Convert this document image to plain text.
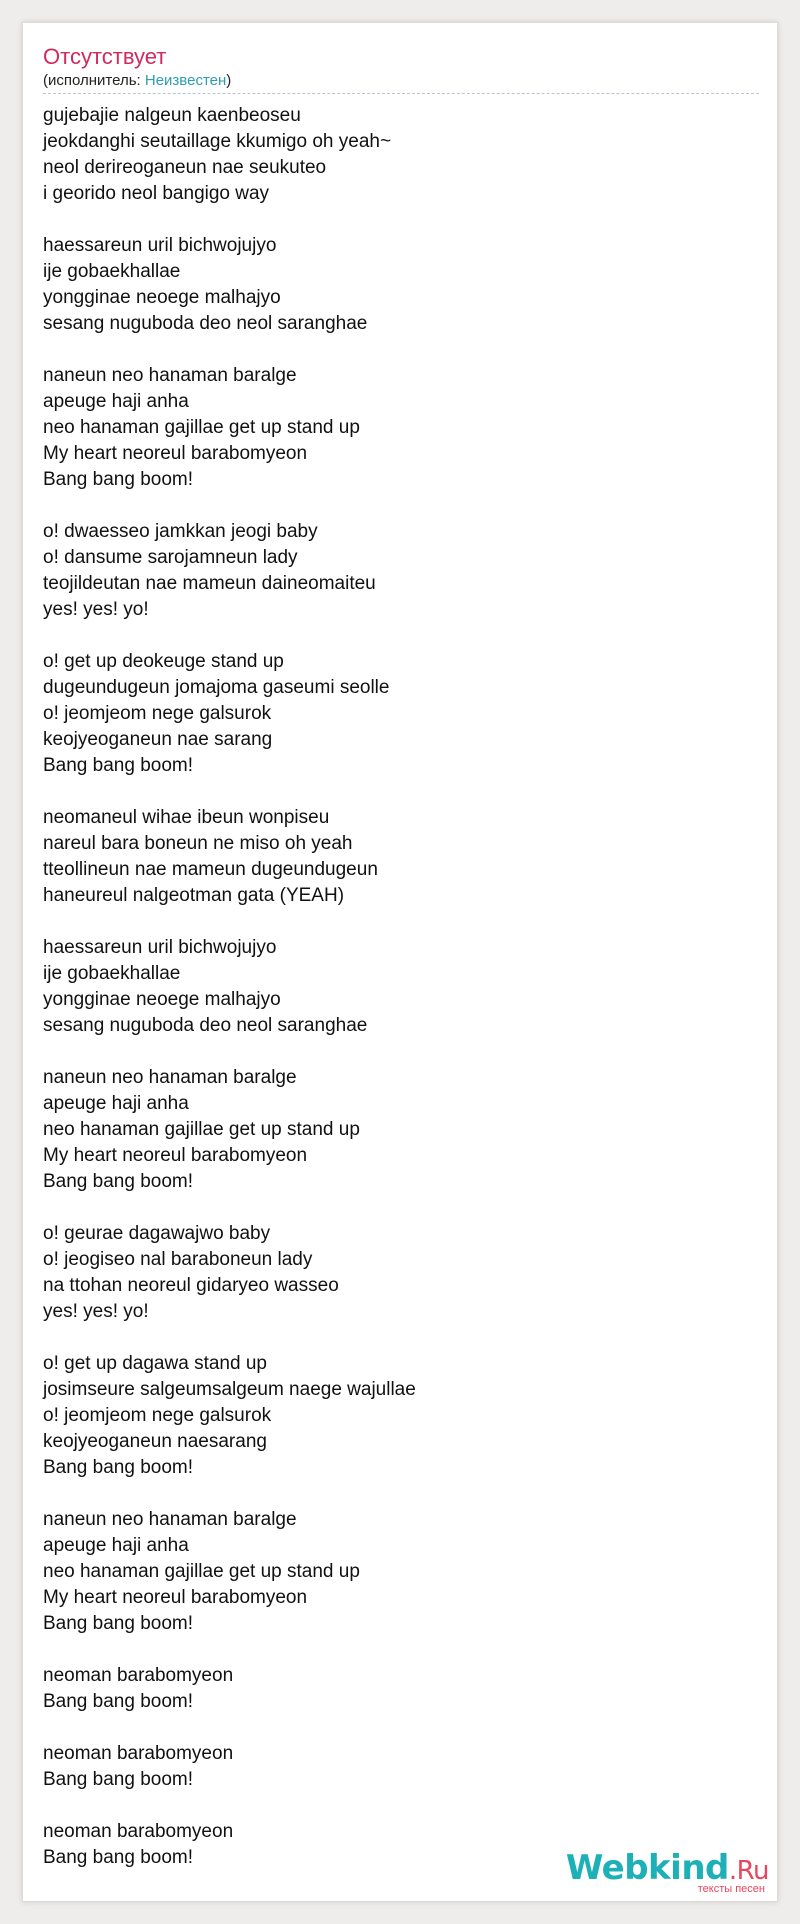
Отсутствует
(исполнитель: Неизвестен)
gujebajie nalgeun kaenbeoseu
jeokdanghi seutaillage kkumigo oh yeah~
neol derireoganeun nae seukuteo
i georido neol bangigo way
haessareun uril bichwojujyo
ije gobaekhallae
yongginae neoege malhajyo
sesang nuguboda deo neol saranghae
naneun neo hanaman baralge
apeuge haji anha
neo hanaman gajillae get up stand up
My heart neoreul barabomyeon
Bang bang boom!
o! dwaesseo jamkkan jeogi baby
o! dansume sarojamneun lady
teojildeutan nae mameun daineomaiteu
yes! yes! yo!
o! get up deokeuge stand up
dugeundugeun jomajoma gaseumi seolle
o! jeomjeom nege galsurok
keojyeoganeun nae sarang
Bang bang boom!
neomaneul wihae ibeun wonpiseu
nareul bara boneun ne miso oh yeah
tteollineun nae mameun dugeundugeun
haneureul nalgeotman gata (YEAH)
haessareun uril bichwojujyo
ije gobaekhallae
yongginae neoege malhajyo
sesang nuguboda deo neol saranghae
naneun neo hanaman baralge
apeuge haji anha
neo hanaman gajillae get up stand up
My heart neoreul barabomyeon
Bang bang boom!
o! geurae dagawajwo baby
o! jeogiseo nal baraboneun lady
na ttohan neoreul gidaryeo wasseo
yes! yes! yo!
o! get up dagawa stand up
josimseure salgeumsalgeum naege wajullae
o! jeomjeom nege galsurok
keojyeoganeun naesarang
Bang bang boom!
naneun neo hanaman baralge
apeuge haji anha
neo hanaman gajillae get up stand up
My heart neoreul barabomyeon
Bang bang boom!
neoman barabomyeon
Bang bang boom!
neoman barabomyeon
Bang bang boom!
neoman barabomyeon
Bang bang boom!	Webkind.Ru
тексты песен
